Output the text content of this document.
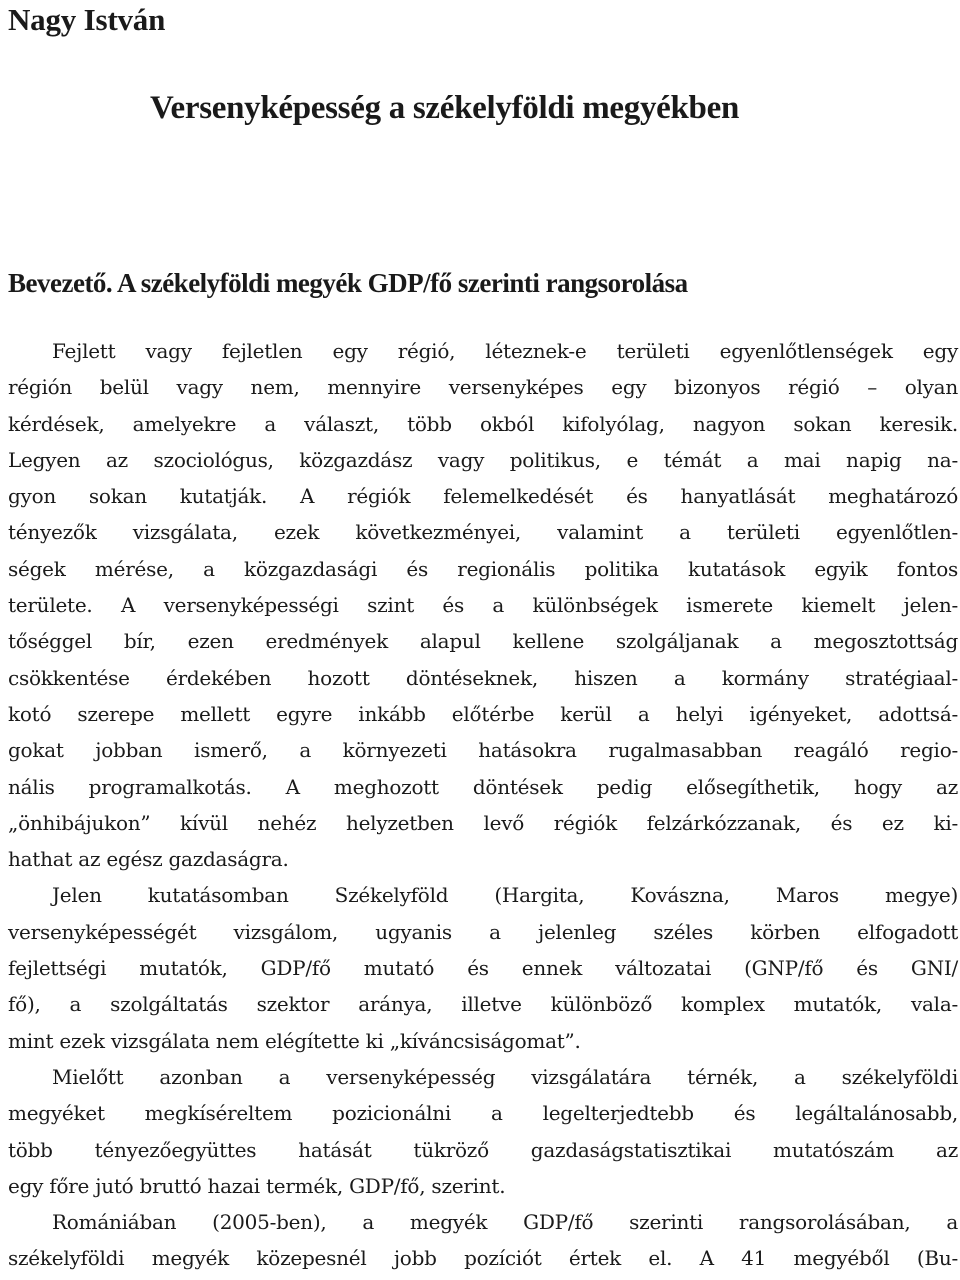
Nagy István
Versenyképesség a székelyföldi megyékben
Bevezető. A székelyföldi megyék GDP/fő szerinti rangsorolása
Fejlett vagy fejletlen egy régió, léteznek-e területi egyenlőtlenségek egy
régión belül vagy nem, mennyire versenyképes egy bizonyos régió – olyan
kérdések, amelyekre a választ, több okból kifolyólag, nagyon sokan keresik.
Legyen az szociológus, közgazdász vagy politikus, e témát a mai napig na-
gyon sokan kutatják. A régiók felemelkedését és hanyatlását meghatározó
tényezők vizsgálata, ezek következményei, valamint a területi egyenlőtlen-
ségek mérése, a közgazdasági és regionális politika kutatások egyik fontos
területe. A versenyképességi szint és a különbségek ismerete kiemelt jelen-
tőséggel bír, ezen eredmények alapul kellene szolgáljanak a megosztottság
csökkentése érdekében hozott döntéseknek, hiszen a kormány stratégiaal-
kotó szerepe mellett egyre inkább előtérbe kerül a helyi igényeket, adottsá-
gokat jobban ismerő, a környezeti hatásokra rugalmasabban reagáló regio-
nális programalkotás. A meghozott döntések pedig elősegíthetik, hogy az
„önhibájukon” kívül nehéz helyzetben levő régiók felzárkózzanak, és ez ki-
hathat az egész gazdaságra.
Jelen kutatásomban Székelyföld (Hargita, Kovászna, Maros megye)
versenyképességét vizsgálom, ugyanis a jelenleg széles körben elfogadott
fejlettségi mutatók, GDP/fő mutató és ennek változatai (GNP/fő és GNI/
fő), a szolgáltatás szektor aránya, illetve különböző komplex mutatók, vala-
mint ezek vizsgálata nem elégítette ki „kíváncsiságomat”.
Mielőtt azonban a versenyképesség vizsgálatára térnék, a székelyföldi
megyéket megkíséreltem pozicionálni a legelterjedtebb és legáltalánosabb,
több tényezőegyüttes hatását tükröző gazdaságstatisztikai mutatószám az
egy főre jutó bruttó hazai termék, GDP/fő, szerint.
Romániában (2005-ben), a megyék GDP/fő szerinti rangsorolásában, a
székelyföldi megyék közepesnél jobb pozíciót értek el. A 41 megyéből (Bu-
